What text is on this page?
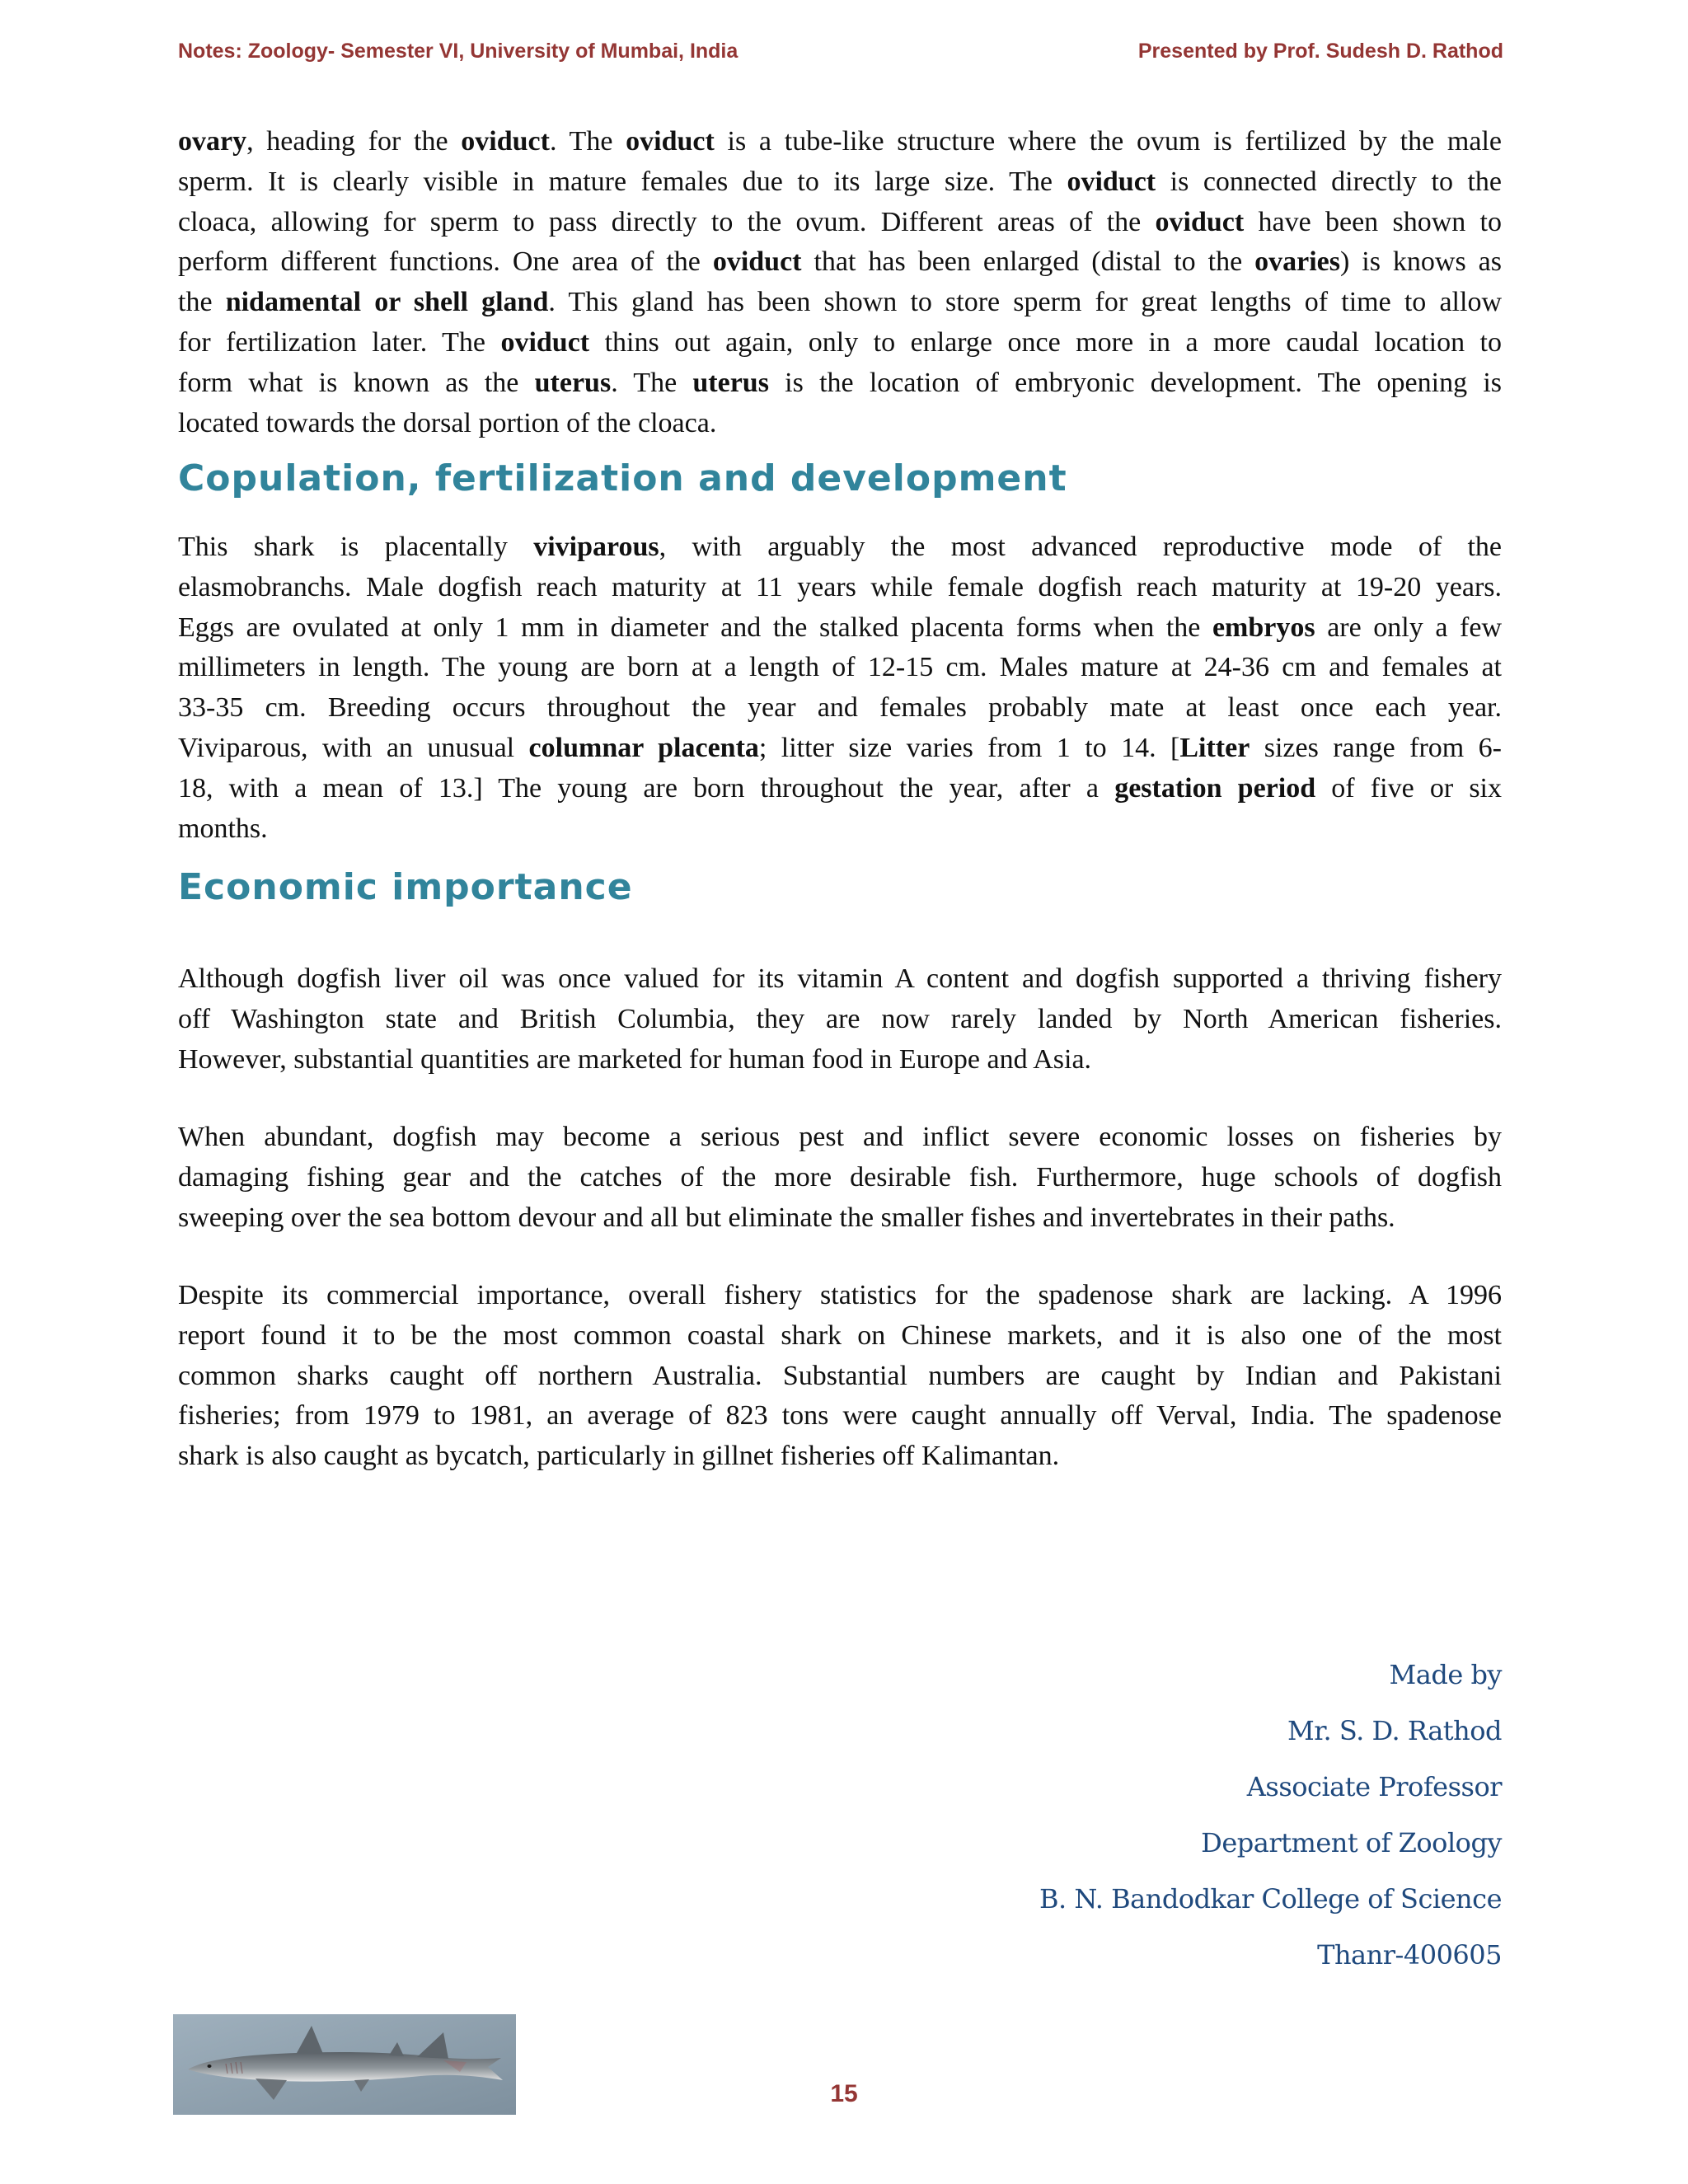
Notes: Zoology- Semester VI, University of Mumbai, India	Presented by Prof. Sudesh D. Rathod
ovary, heading for the oviduct. The oviduct is a tube-like structure where the ovum is fertilized by the male
sperm. It is clearly visible in mature females due to its large size. The oviduct is connected directly to the
cloaca, allowing for sperm to pass directly to the ovum. Different areas of the oviduct have been shown to
perform different functions. One area of the oviduct that has been enlarged (distal to the ovaries) is knows as
the nidamental or shell gland. This gland has been shown to store sperm for great lengths of time to allow
for fertilization later. The oviduct thins out again, only to enlarge once more in a more caudal location to
form what is known as the uterus. The uterus is the location of embryonic development. The opening is
located towards the dorsal portion of the cloaca.
Copulation, fertilization and development
This shark is placentally viviparous, with arguably the most advanced reproductive mode of the
elasmobranchs. Male dogfish reach maturity at 11 years while female dogfish reach maturity at 19-20 years.
Eggs are ovulated at only 1 mm in diameter and the stalked placenta forms when the embryos are only a few
millimeters in length. The young are born at a length of 12-15 cm. Males mature at 24-36 cm and females at
33-35 cm. Breeding occurs throughout the year and females probably mate at least once each year.
Viviparous, with an unusual columnar placenta; litter size varies from 1 to 14. [Litter sizes range from 6-
18, with a mean of 13.] The young are born throughout the year, after a gestation period of five or six
months.
Economic importance
Although dogfish liver oil was once valued for its vitamin A content and dogfish supported a thriving fishery
off Washington state and British Columbia, they are now rarely landed by North American fisheries.
However, substantial quantities are marketed for human food in Europe and Asia.
When abundant, dogfish may become a serious pest and inflict severe economic losses on fisheries by
damaging fishing gear and the catches of the more desirable fish. Furthermore, huge schools of dogfish
sweeping over the sea bottom devour and all but eliminate the smaller fishes and invertebrates in their paths.
Despite its commercial importance, overall fishery statistics for the spadenose shark are lacking. A 1996
report found it to be the most common coastal shark on Chinese markets, and it is also one of the most
common sharks caught off northern Australia. Substantial numbers are caught by Indian and Pakistani
fisheries; from 1979 to 1981, an average of 823 tons were caught annually off Verval, India. The spadenose
shark is also caught as bycatch, particularly in gillnet fisheries off Kalimantan.
Made by
Mr. S. D. Rathod
Associate Professor
Department of Zoology
B. N. Bandodkar College of Science
Thanr-400605
15
